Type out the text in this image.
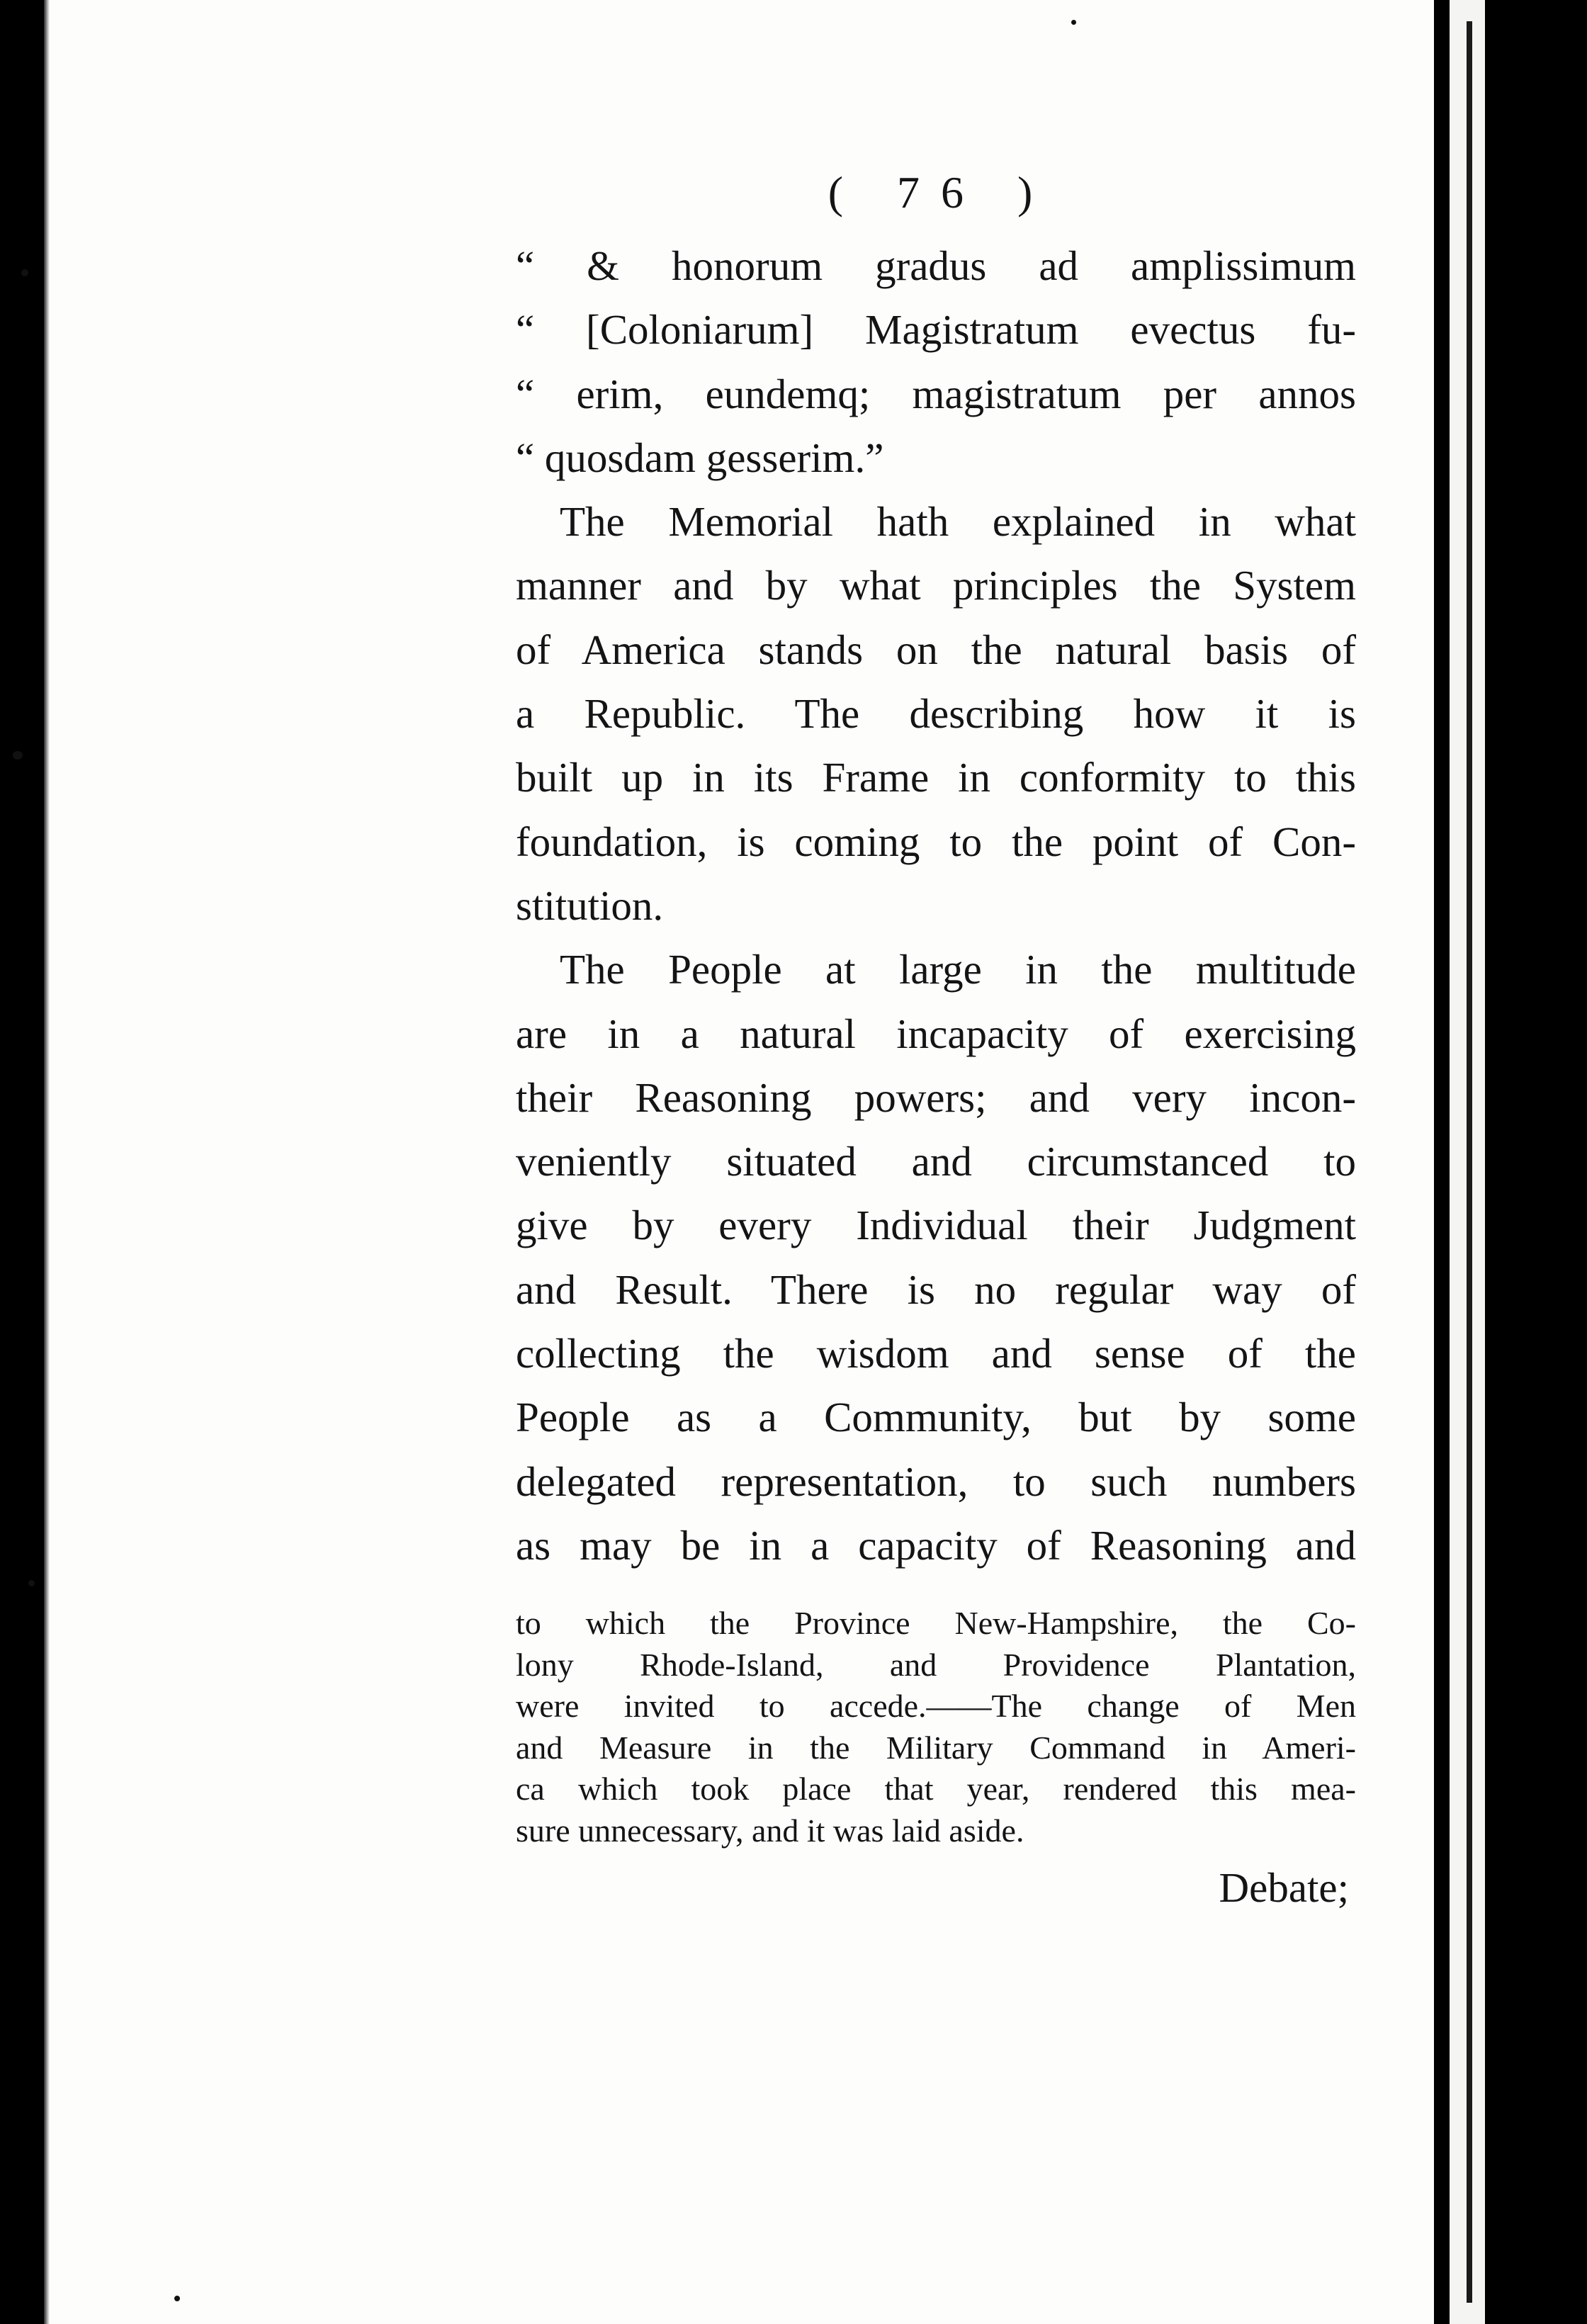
( 76 )
“ & honorum gradus ad amplissimum
“ [Coloniarum] Magistratum evectus fu-
“ erim, eundemq; magistratum per annos
“ quosdam gesserim.”
The Memorial hath explained in what
manner and by what principles the System
of America stands on the natural basis of
a Republic. The describing how it is
built up in its Frame in conformity to this
foundation, is coming to the point of Con-
stitution.
The People at large in the multitude
are in a natural incapacity of exercising
their Reasoning powers; and very incon-
veniently situated and circumstanced to
give by every Individual their Judgment
and Result. There is no regular way of
collecting the wisdom and sense of the
People as a Community, but by some
delegated representation, to such numbers
as may be in a capacity of Reasoning and
to which the Province New-Hampshire, the Co-
lony Rhode-Island, and Providence Plantation,
were invited to accede.——The change of Men
and Measure in the Military Command in Ameri-
ca which took place that year, rendered this mea-
sure unnecessary, and it was laid aside.
Debate;
